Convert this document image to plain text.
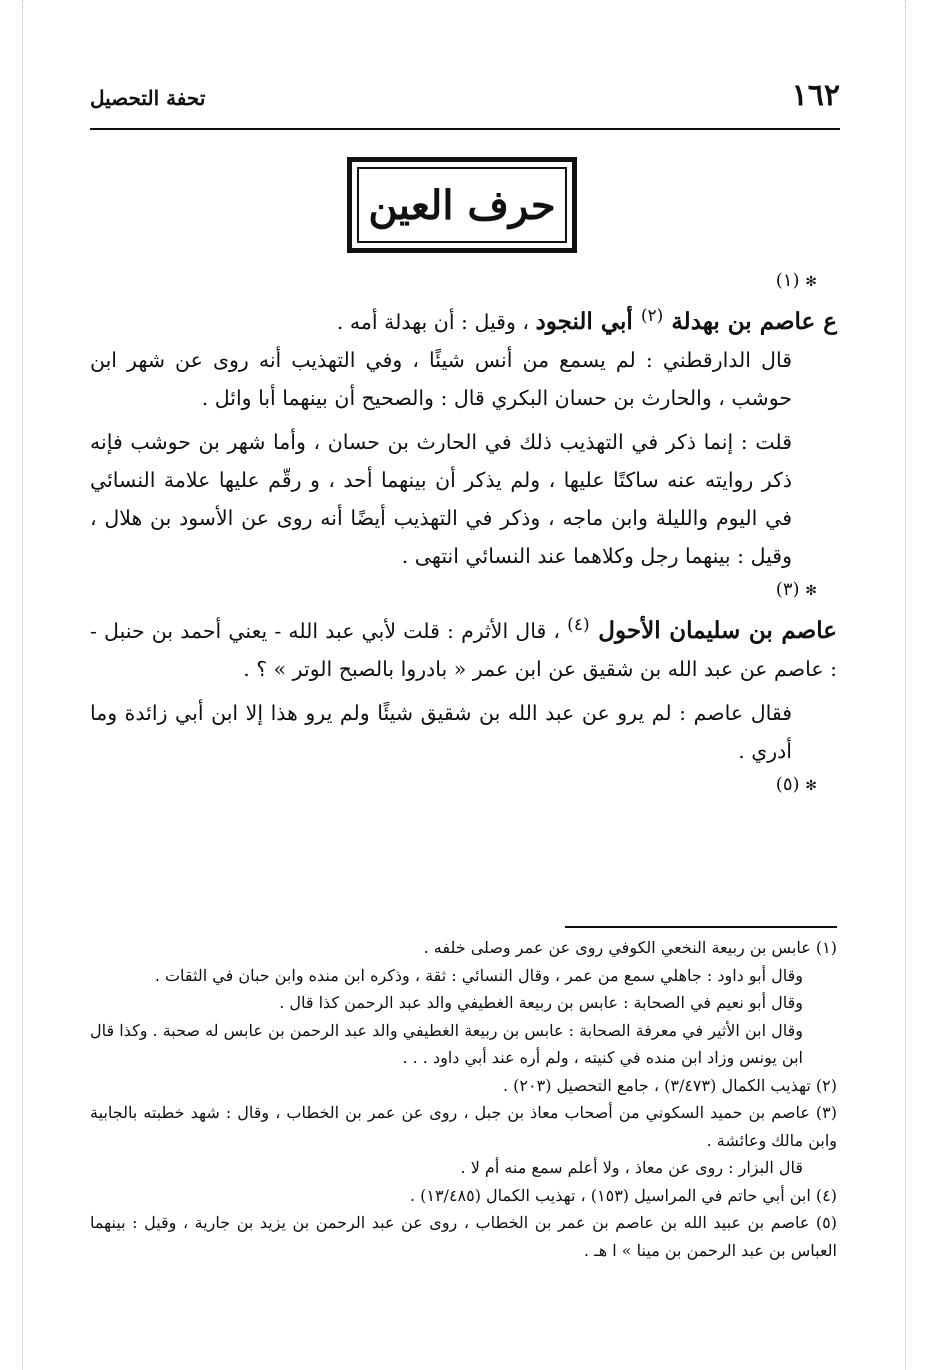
١٦٢
تحفة التحصيل
حرف العين
✻ (١)

ع عاصم بن بهدلة $^{(٢)}$ أبي النجود ، وقيل : أن بهدلة أمه .

قال الدارقطني : لم يسمع من أنس شيئًا ، وفي التهذيب أنه روى عن شهر ابن حوشب ، والحارث بن حسان البكري قال : والصحيح أن بينهما أبا وائل .

قلت : إنما ذكر في التهذيب ذلك في الحارث بن حسان ، وأما شهر بن حوشب فإنه ذكر روايته عنه ساكتًا عليها ، ولم يذكر أن بينهما أحد ، و رقّم عليها علامة النسائي في اليوم والليلة وابن ماجه ، وذكر في التهذيب أيضًا أنه روى عن الأسود بن هلال ، وقيل : بينهما رجل وكلاهما عند النسائي انتهى .

✻ (٣)

عاصم بن سليمان الأحول $^{(٤)}$ ، قال الأثرم : قلت لأبي عبد الله - يعني أحمد بن حنبل - : عاصم عن عبد الله بن شقيق عن ابن عمر « بادروا بالصبح الوتر » ؟ .

فقال عاصم : لم يرو عن عبد الله بن شقيق شيئًا ولم يرو هذا إلا ابن أبي زائدة وما أدري .

✻ (٥)

(١) عابس بن ربيعة النخعي الكوفي روى عن عمر وصلى خلفه .

وقال أبو داود : جاهلي سمع من عمر ، وقال النسائي : ثقة ، وذكره ابن منده وابن حبان في الثقات .

وقال أبو نعيم في الصحابة : عابس بن ربيعة الغطيفي والد عبد الرحمن كذا قال .

وقال ابن الأثير في معرفة الصحابة : عابس بن ربيعة الغطيفي والد عبد الرحمن بن عابس له صحبة . وكذا قال ابن يونس وزاد ابن منده في كنيته ، ولم أره عند أبي داود . . .

(٢) تهذيب الكمال (٣/٤٧٣) ، جامع التحصيل (٢٠٣) .

(٣) عاصم بن حميد السكوني من أصحاب معاذ بن جبل ، روى عن عمر بن الخطاب ، وقال : شهد خطبته بالجابية وابن مالك وعائشة .

قال البزار : روى عن معاذ ، ولا أعلم سمع منه أم لا .

(٤) ابن أبي حاتم في المراسيل (١٥٣) ، تهذيب الكمال (١٣/٤٨٥) .

(٥) عاصم بن عبيد الله بن عاصم بن عمر بن الخطاب ، روى عن عبد الرحمن بن يزيد بن جارية ، وقيل : بينهما العباس بن عبد الرحمن بن مينا » ا هـ .
